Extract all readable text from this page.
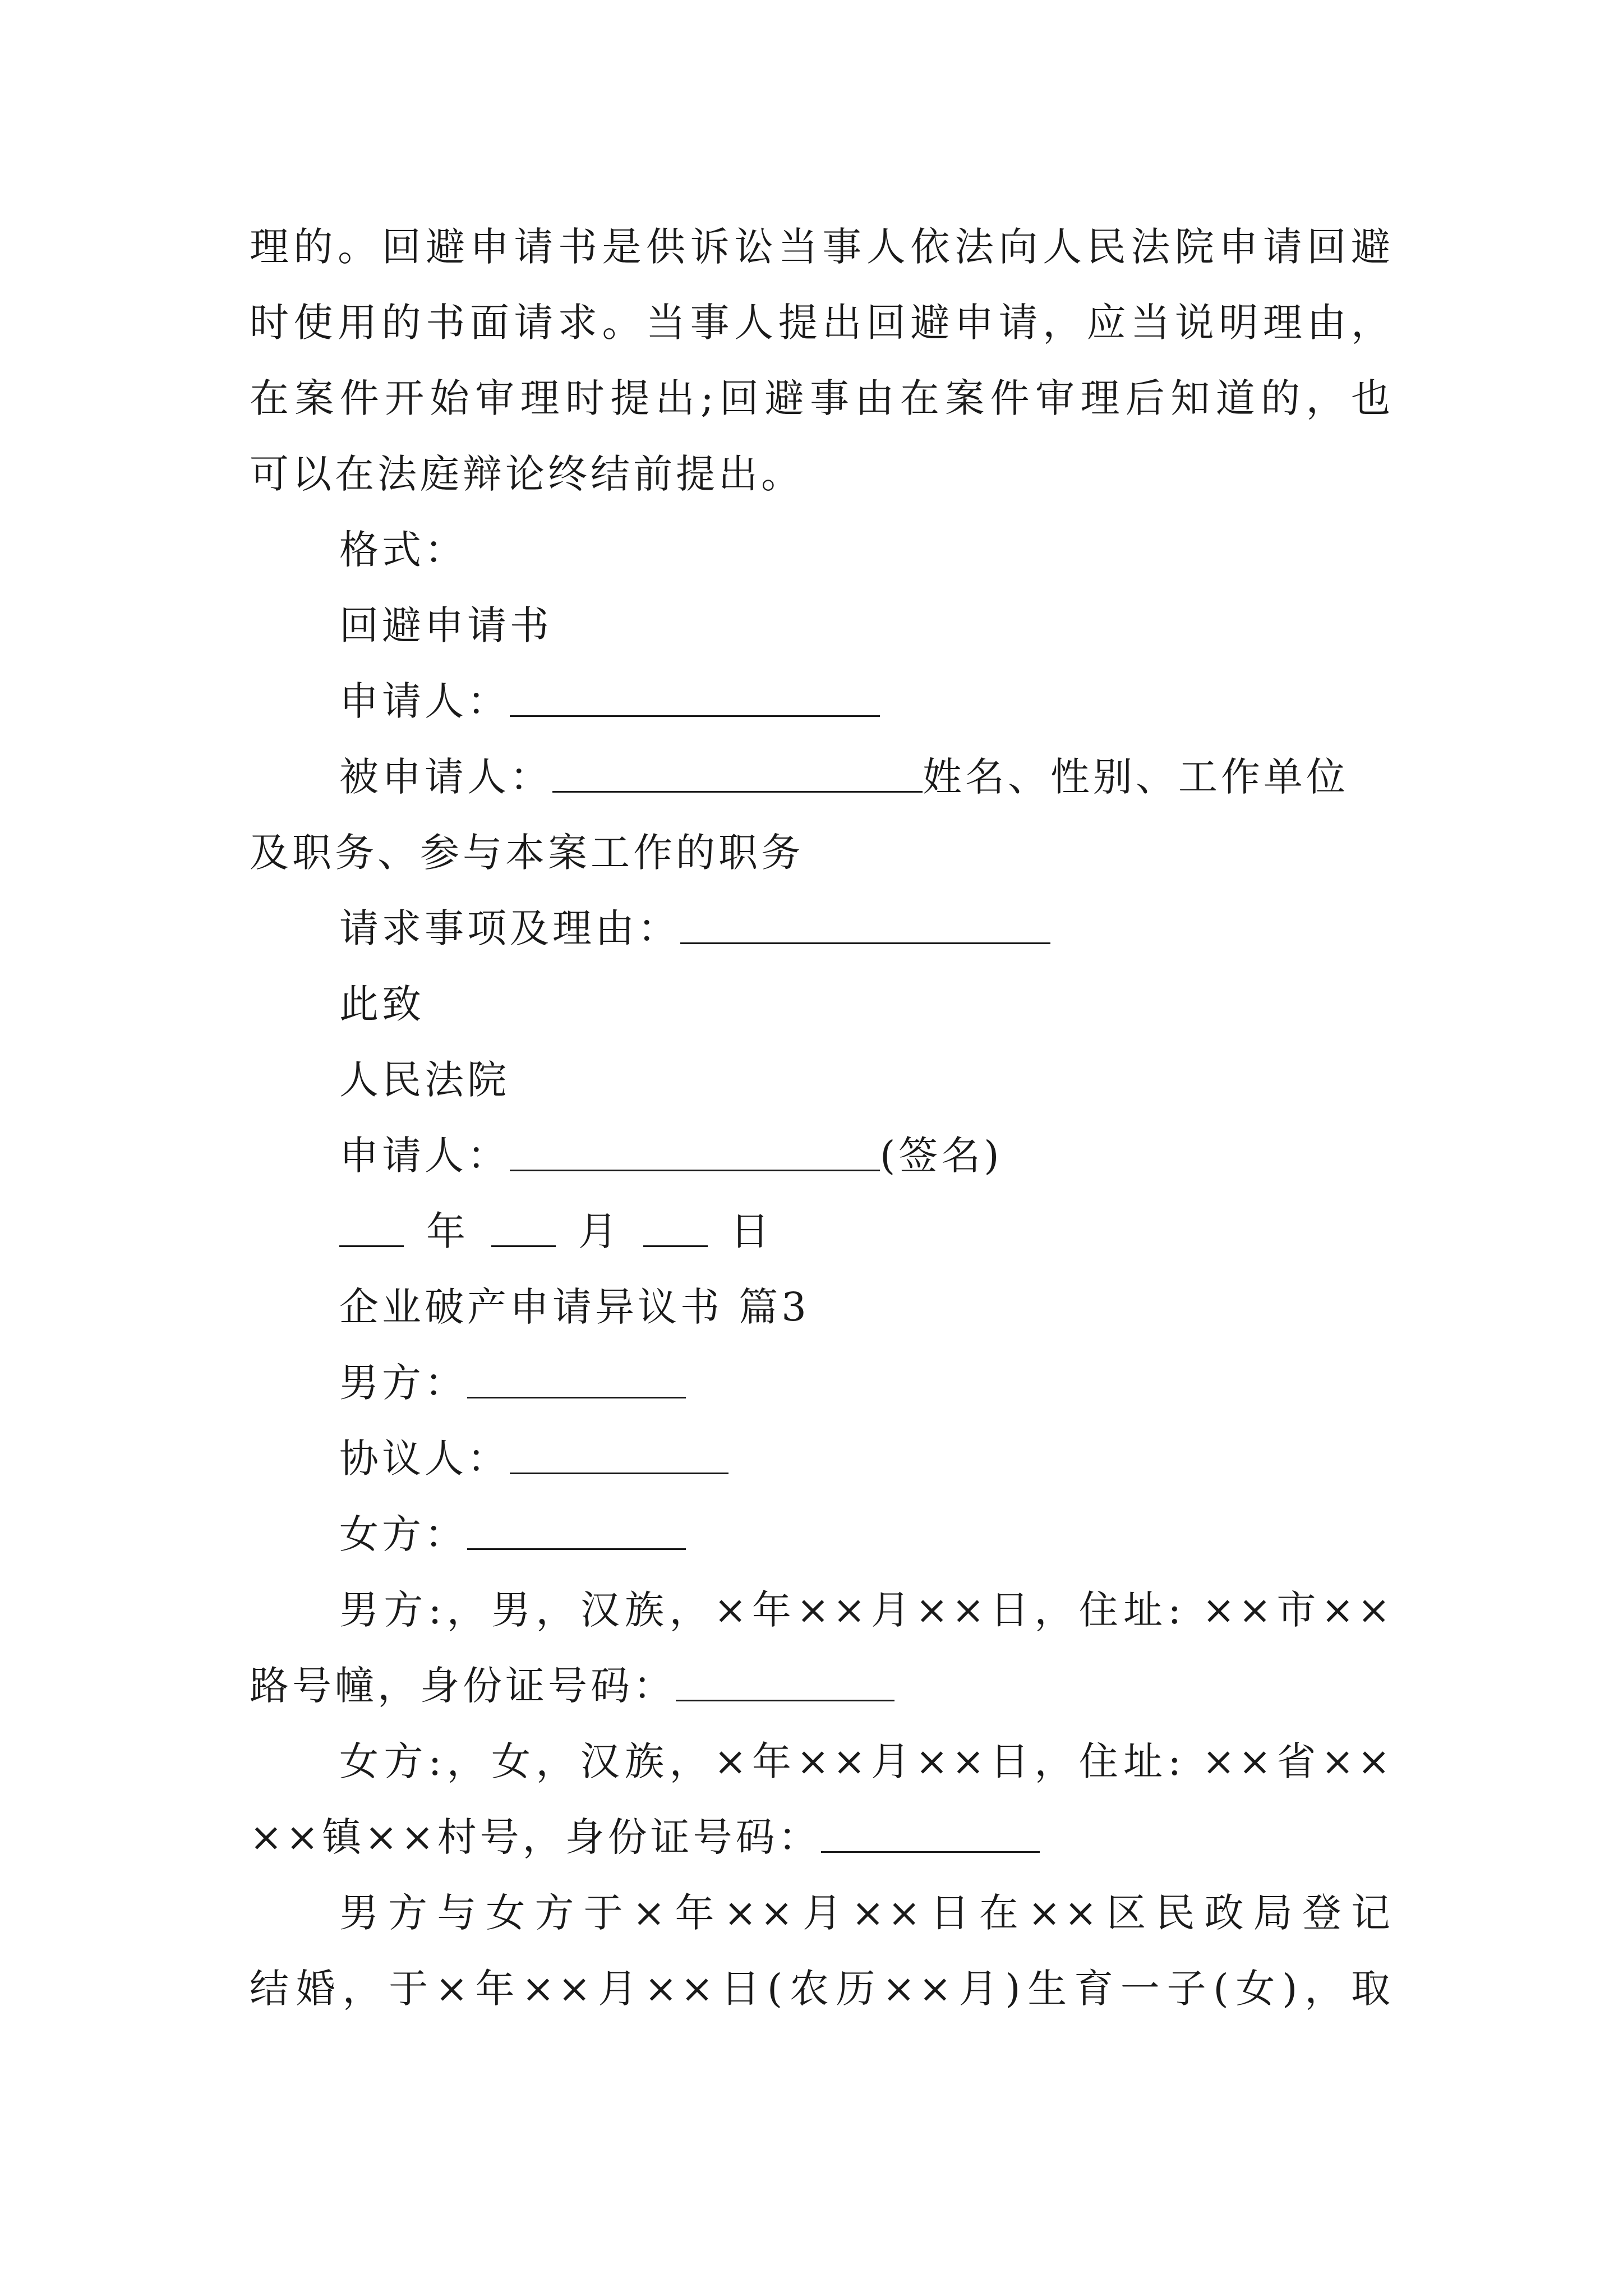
理的。回避申请书是供诉讼当事人依法向人民法院申请回避
时使用的书面请求。当事人提出回避申请，应当说明理由，
在案件开始审理时提出;回避事由在案件审理后知道的，也
可以在法庭辩论终结前提出。
格式：
回避申请书
申请人：
被申请人：	姓名、性别、工作单位
及职务、参与本案工作的职务
请求事项及理由：
此致
人民法院
申请人：	(签名)
年	月	日
企业破产申请异议书 篇3
男方：
协议人：
女方：
男方:，男，汉族，×年××月××日，住址: ××市××
路号幢，身份证号码：
女方:，女，汉族，×年××月××日，住址: ××省××
××镇××村号，身份证号码：
男方与女方于×年××月××日在××区民政局登记
结婚，于×年××月××日(农历××月)生育一子(女)，取
